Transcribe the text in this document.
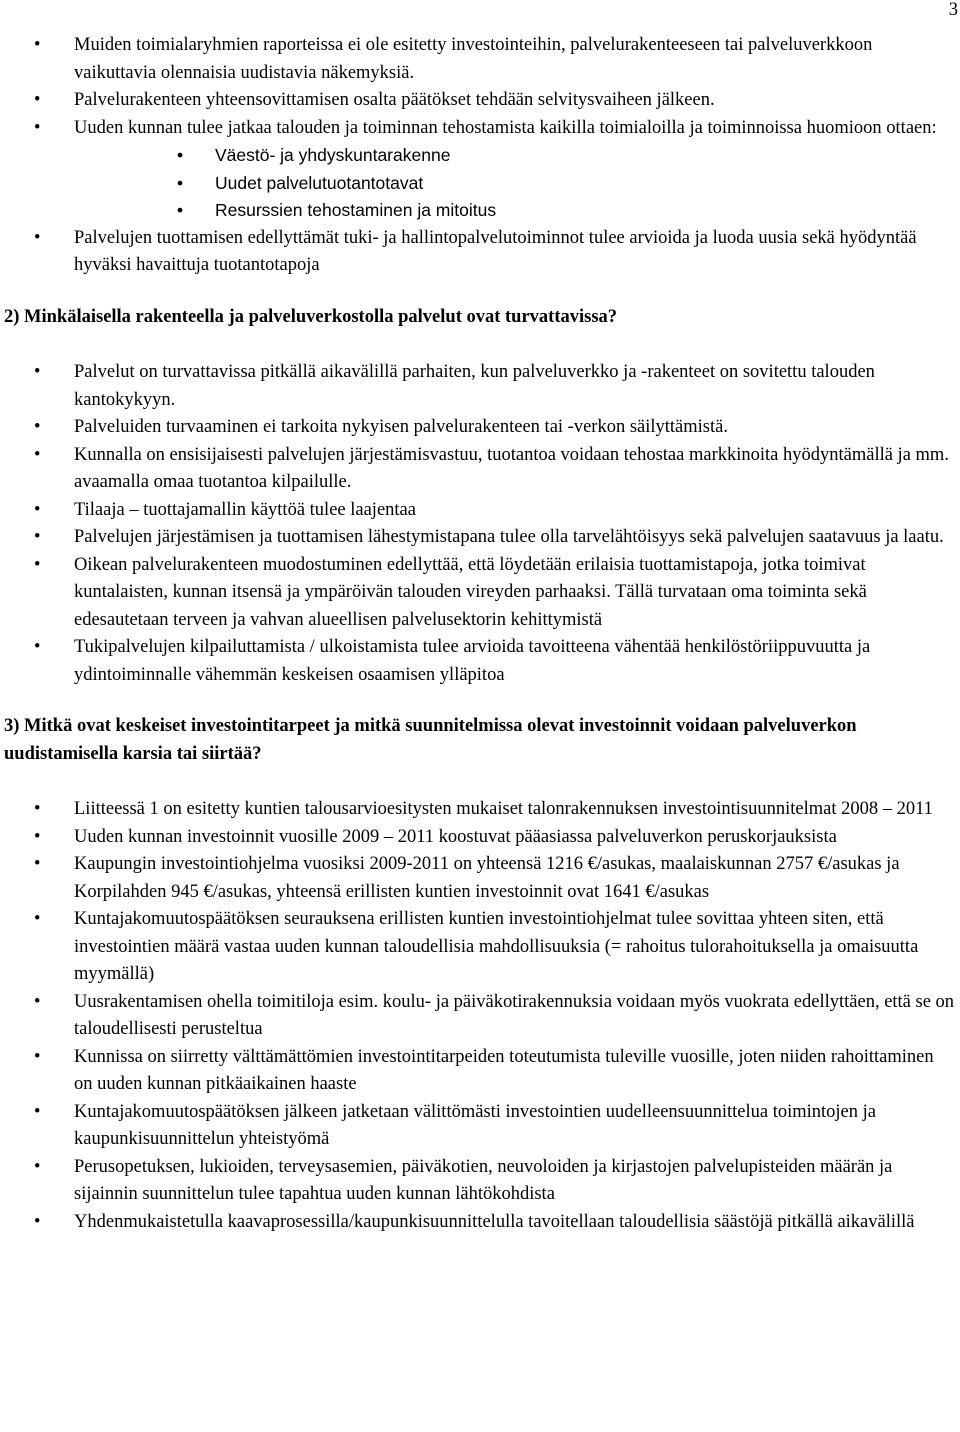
3
• Muiden toimialaryhmien raporteissa ei ole esitetty investointeihin, palvelurakenteeseen tai palveluverkkoon vaikuttavia olennaisia uudistavia näkemyksiä.
• Palvelurakenteen yhteensovittamisen osalta päätökset tehdään selvitysvaiheen jälkeen.
• Uuden kunnan tulee jatkaa talouden ja toiminnan tehostamista kaikilla toimialoilla ja toiminnoissa huomioon ottaen:
• Väestö- ja yhdyskuntarakenne
• Uudet palvelutuotantotavat
• Resurssien tehostaminen ja mitoitus
• Palvelujen tuottamisen edellyttämät tuki- ja hallintopalvelutoiminnot tulee arvioida ja luoda uusia sekä hyödyntää hyväksi havaittuja tuotantotapoja
2) Minkälaisella rakenteella ja palveluverkostolla palvelut ovat turvattavissa?
• Palvelut on turvattavissa pitkällä aikavälillä parhaiten, kun palveluverkko ja -rakenteet on sovitettu talouden kantokykyyn.
• Palveluiden turvaaminen ei tarkoita nykyisen palvelurakenteen tai -verkon säilyttämistä.
• Kunnalla on ensisijaisesti palvelujen järjestämisvastuu, tuotantoa voidaan tehostaa markkinoita hyödyntämällä ja mm. avaamalla omaa tuotantoa kilpailulle.
• Tilaaja – tuottajamallin käyttöä tulee laajentaa
• Palvelujen järjestämisen ja tuottamisen lähestymistapana tulee olla tarvelähtöisyys sekä palvelujen saatavuus ja laatu.
• Oikean palvelurakenteen muodostuminen edellyttää, että löydetään erilaisia tuottamistapoja, jotka toimivat kuntalaisten, kunnan itsensä ja ympäröivän talouden vireyden parhaaksi. Tällä turvataan oma toiminta sekä edesautetaan terveen ja vahvan alueellisen palvelusektorin kehittymistä
• Tukipalvelujen kilpailuttamista / ulkoistamista tulee arvioida tavoitteena vähentää henkilöstöriippuvuutta ja ydintoiminnalle vähemmän keskeisen osaamisen ylläpitoa
3) Mitkä ovat keskeiset investointitarpeet ja mitkä suunnitelmissa olevat investoinnit voidaan palveluverkon uudistamisella karsia tai siirtää?
• Liitteessä 1 on esitetty kuntien talousarvioesitysten mukaiset talonrakennuksen investointisuunnitelmat 2008 – 2011
• Uuden kunnan investoinnit vuosille 2009 – 2011 koostuvat pääasiassa palveluverkon peruskorjauksista
• Kaupungin investointiohjelma vuosiksi 2009-2011 on yhteensä 1216 €/asukas, maalaiskunnan 2757 €/asukas ja Korpilahden 945 €/asukas, yhteensä erillisten kuntien investoinnit ovat 1641 €/asukas
• Kuntajakomuutospäätöksen seurauksena erillisten kuntien investointiohjelmat tulee sovittaa yhteen siten, että investointien määrä vastaa uuden kunnan taloudellisia mahdollisuuksia (= rahoitus tulorahoituksella ja omaisuutta myymällä)
• Uusrakentamisen ohella toimitiloja esim. koulu- ja päiväkotirakennuksia voidaan myös vuokrata edellyttäen, että se on taloudellisesti perusteltua
• Kunnissa on siirretty välttämättömien investointitarpeiden toteutumista tuleville vuosille, joten niiden rahoittaminen on uuden kunnan pitkäaikainen haaste
• Kuntajakomuutospäätöksen jälkeen jatketaan välittömästi investointien uudelleensuunnittelua toimintojen ja kaupunkisuunnittelun yhteistyömä
• Perusopetuksen, lukioiden, terveysasemien, päiväkotien, neuvoloiden ja kirjastojen palvelupisteiden määrän ja sijainnin suunnittelun tulee tapahtua uuden kunnan lähtökohdista
• Yhdenmukaistetulla kaavaprosessilla/kaupunkisuunnittelulla tavoitellaan taloudellisia säästöjä pitkällä aikavälillä
